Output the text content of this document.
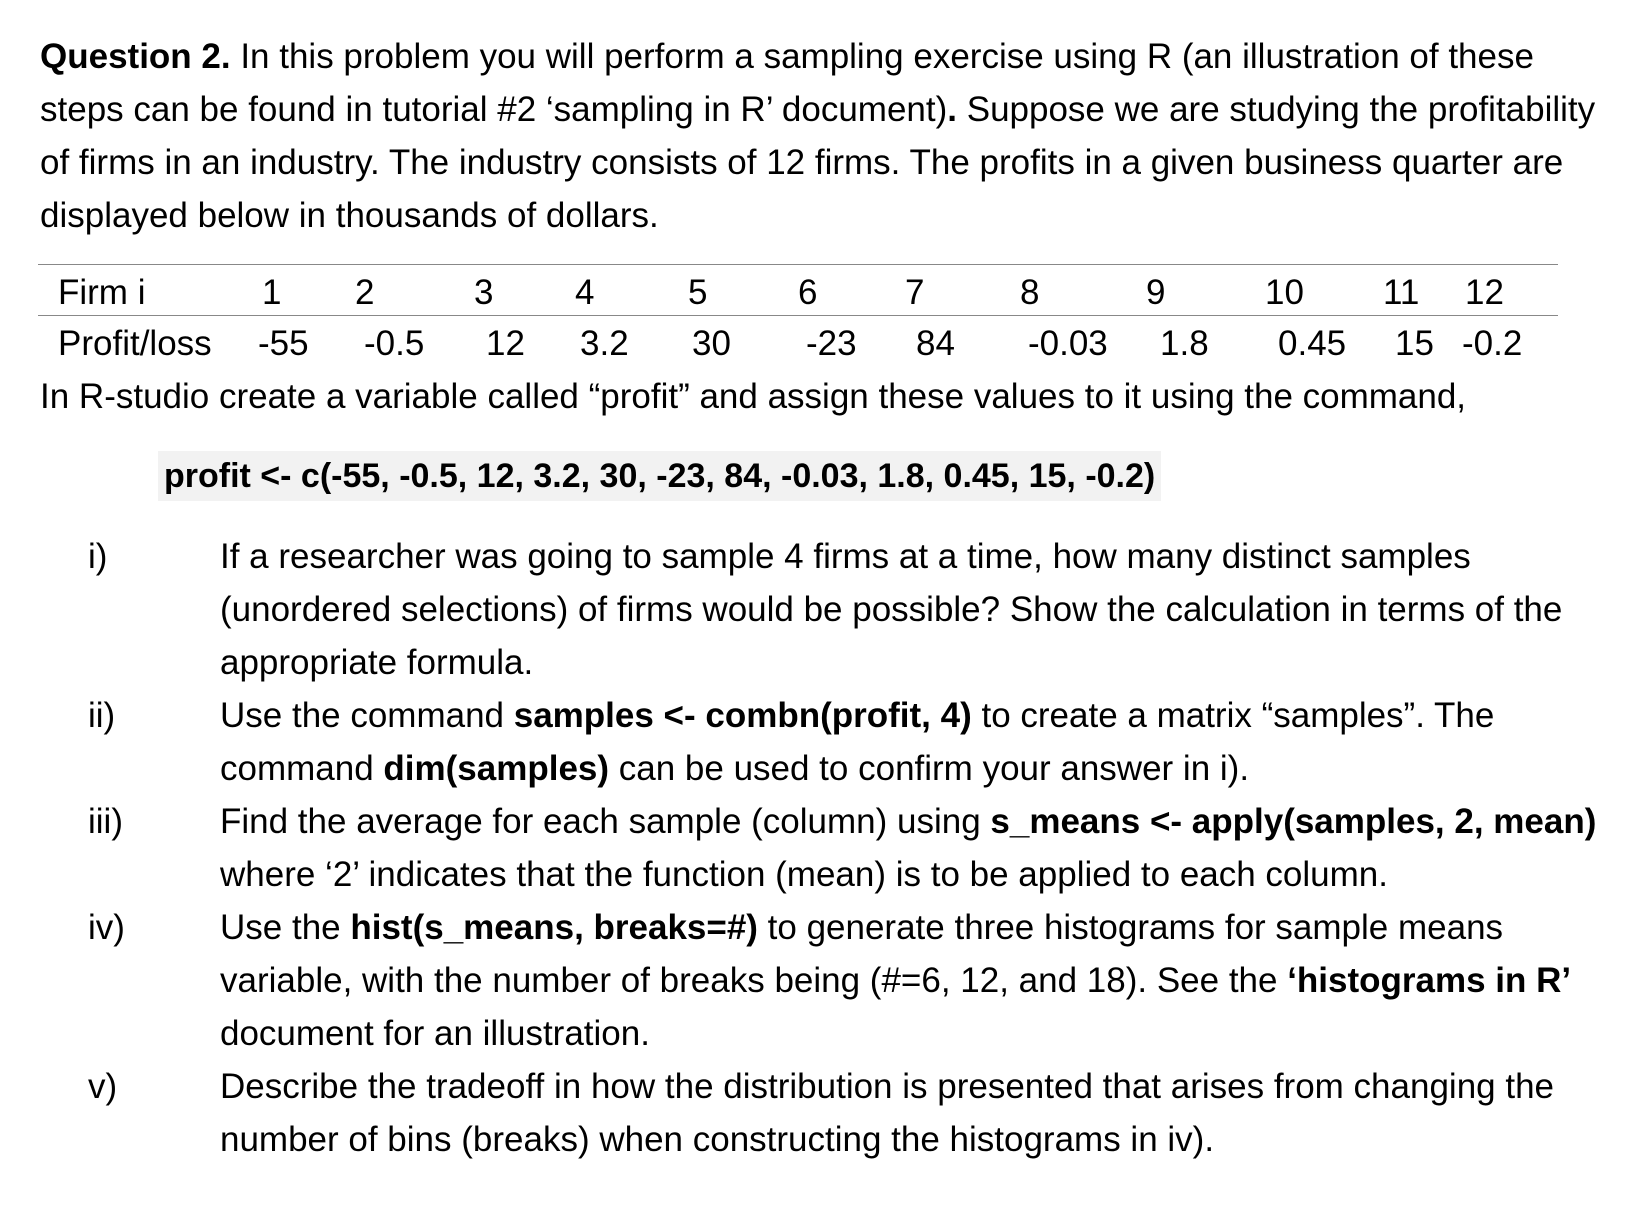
Question 2. In this problem you will perform a sampling exercise using R (an illustration of these steps can be found in tutorial #2 ‘sampling in R’ document). Suppose we are studying the profitability of firms in an industry. The industry consists of 12 firms. The profits in a given business quarter are displayed below in thousands of dollars.
Firm i	1 2	3 4	5	6	7	8	9	10 11 12
Profit/loss -55 -0.5 12 3.2 30 -23 84 -0.03 1.8 0.45 15 -0.2
In R-studio create a variable called “profit” and assign these values to it using the command,
profit <- c(-55, -0.5, 12, 3.2, 30, -23, 84, -0.03, 1.8, 0.45, 15, -0.2)
i)	If a researcher was going to sample 4 firms at a time, how many distinct samples (unordered selections) of firms would be possible? Show the calculation in terms of the appropriate formula.
ii)	Use the command samples <- combn(profit, 4) to create a matrix “samples”. The command dim(samples) can be used to confirm your answer in i).
iii)	Find the average for each sample (column) using s_means <- apply(samples, 2, mean) where ‘2’ indicates that the function (mean) is to be applied to each column.
iv)	Use the hist(s_means, breaks=#) to generate three histograms for sample means variable, with the number of breaks being (#=6, 12, and 18). See the ‘histograms in R’ document for an illustration.
v)	Describe the tradeoff in how the distribution is presented that arises from changing the number of bins (breaks) when constructing the histograms in iv).
